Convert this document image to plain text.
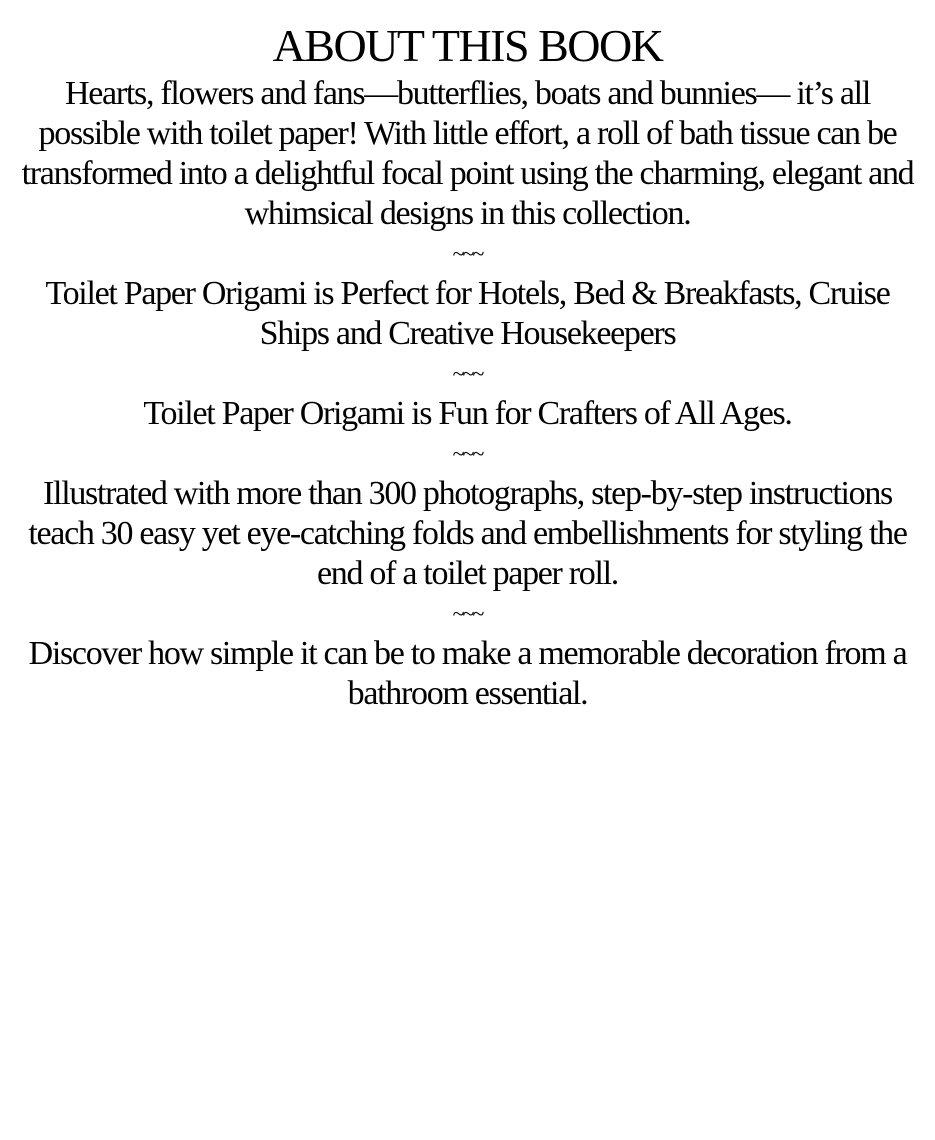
ABOUT THIS BOOK

Hearts, flowers and fans—butterflies, boats and bunnies— it’s all possible with toilet paper! With little effort, a roll of bath tissue can be transformed into a delightful focal point using the charming, elegant and whimsical designs in this collection.

~~~

Toilet Paper Origami is Perfect for Hotels, Bed & Breakfasts, Cruise Ships and Creative Housekeepers

~~~

Toilet Paper Origami is Fun for Crafters of All Ages.

~~~

Illustrated with more than 300 photographs, step-by-step instructions teach 30 easy yet eye-catching folds and embellishments for styling the end of a toilet paper roll.

~~~

Discover how simple it can be to make a memorable decoration from a bathroom essential.
